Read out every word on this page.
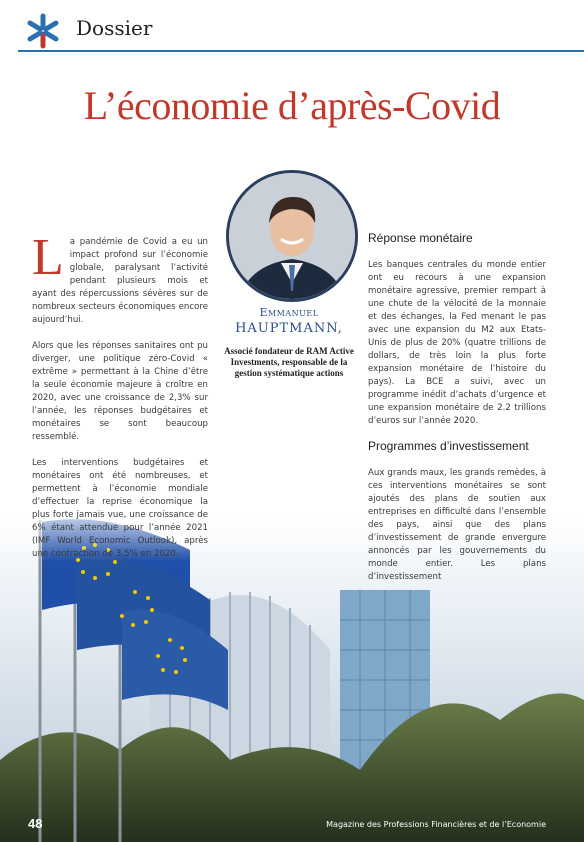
Dossier
L’économie d’après-Covid

La pandémie de Covid a eu un impact profond sur l’économie globale, paralysant l’activité pendant plusieurs mois et ayant des répercussions sévères sur de nombreux secteurs économiques encore aujourd’hui.

Alors que les réponses sanitaires ont pu diverger, une politique zéro-Covid « extrême » permettant à la Chine d’être la seule économie majeure à croître en 2020, avec une croissance de 2,3% sur l’année, les réponses budgétaires et monétaires se sont beaucoup ressemblé.

Les interventions budgétaires et monétaires ont été nombreuses, et permettent à l’économie mondiale d’effectuer la reprise économique la plus forte jamais vue, une croissance de 6% étant attendue pour l’année 2021 (IMF World Economic Outlook), après une contraction de 3,5% en 2020.

Emmanuel
HAUPTMANN,
Associé fondateur de RAM Active Investments, responsable de la gestion systématique actions
Réponse monétaire

Les banques centrales du monde entier ont eu recours à une expansion monétaire agressive, premier rempart à une chute de la vélocité de la monnaie et des échanges, la Fed menant le pas avec une expansion du M2 aux Etats-Unis de plus de 20% (quatre trillions de dollars, de très loin la plus forte expansion monétaire de l’histoire du pays). La BCE a suivi, avec un programme inédit d’achats d’urgence et une expansion monétaire de 2.2 trillions d’euros sur l’année 2020.

Programmes d’investissement

Aux grands maux, les grands remèdes, à ces interventions monétaires se sont ajoutés des plans de soutien aux entreprises en difficulté dans l’ensemble des pays, ainsi que des plans d’investissement de grande envergure annoncés par les gouvernements du monde entier. Les plans d’investissement

48	Magazine des Professions Financières et de l’Economie
